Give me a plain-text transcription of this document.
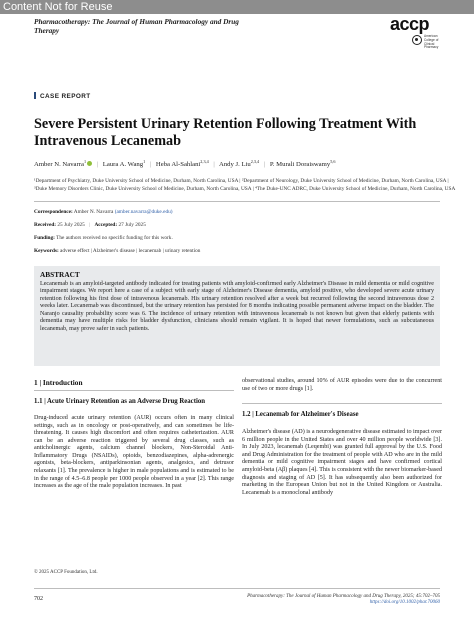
Content Not for Reuse
Pharmacotherapy: The Journal of Human Pharmacology and Drug
Therapy	accp
American College of Clinical Pharmacy
CASE REPORT
Severe Persistent Urinary Retention Following Treatment With Intravenous Lecanemab
Amber N. Navarra$^1$ | Laura A. Wang$^1$ | Heba Al-Sahlani$^{2,3,4}$ | Andy J. Liu$^{2,3,4}$ | P. Murali Doraiswamy$^{5,6}$
¹Department of Psychiatry, Duke University School of Medicine, Durham, North Carolina, USA | ²Department of Neurology, Duke University School of Medicine, Durham, North Carolina, USA | ³Duke Memory Disorders Clinic, Duke University School of Medicine, Durham, North Carolina, USA | ⁴The Duke-UNC ADRC, Duke University School of Medicine, Durham, North Carolina, USA
Correspondence: Amber N. Navarra (amber.navarra@duke.edu)
Received: 25 July 2025 | Accepted: 27 July 2025
Funding: The authors received no specific funding for this work.
Keywords: adverse effect | Alzheimer's disease | lecanemab | urinary retention
ABSTRACT

Lecanemab is an amyloid-targeted antibody indicated for treating patients with amyloid-confirmed early Alzheimer's Disease in mild dementia or mild cognitive impairment stages. We report here a case of a subject with early stage of Alzheimer's Disease dementia, amyloid positive, who developed severe acute urinary retention following his first dose of intravenous lecanemab. His urinary retention resolved after a week but recurred following the second intravenous dose 2 weeks later. Lecanemab was discontinued, but the urinary retention has persisted for 8 months indicating possible permanent adverse impact on the bladder. The Naranjo causality probability score was 6. The incidence of urinary retention with intravenous lecanemab is not known but given that elderly patients with dementia may have multiple risks for bladder dysfunction, clinicians should remain vigilant. It is hoped that newer formulations, such as subcutaneous lecanemab, may prove safer in such patients.

1 | Introduction
1.1 | Acute Urinary Retention as an Adverse Drug Reaction
Drug-induced acute urinary retention (AUR) occurs often in many clinical settings, such as in oncology or post-operatively, and can sometimes be life-threatening. It causes high discomfort and often requires catheterization. AUR can be an adverse reaction triggered by several drug classes, such as anticholinergic agents, calcium channel blockers, Non-Steroidal Anti-Inflammatory Drugs (NSAIDs), opioids, benzodiazepines, alpha-adrenergic agonists, beta-blockers, antiparkinsonian agents, analgesics, and detrusor relaxants [1]. The prevalence is higher in male populations and is estimated to be in the range of 4.5–6.8 people per 1000 people observed in a year [2]. This range increases as the age of the male population increases. In past
observational studies, around 10% of AUR episodes were due to the concurrent use of two or more drugs [1].
1.2 | Lecanemab for Alzheimer's Disease
Alzheimer's disease (AD) is a neurodegenerative disease estimated to impact over 6 million people in the United States and over 40 million people worldwide [3]. In July 2023, lecanemab (Leqembi) was granted full approval by the U.S. Food and Drug Administration for the treatment of people with AD who are in the mild dementia or mild cognitive impairment stages and have confirmed cortical amyloid-beta (Aβ) plaques [4]. This is consistent with the newer biomarker-based diagnosis and staging of AD [5]. It has subsequently also been authorized for marketing in the European Union but not in the United Kingdom or Australia. Lecanemab is a monoclonal antibody
© 2025 ACCP Foundation, Ltd.
702	Pharmacotherapy: The Journal of Human Pharmacology and Drug Therapy, 2025; 45:702–705
https://doi.org/10.1002/phar.70060
